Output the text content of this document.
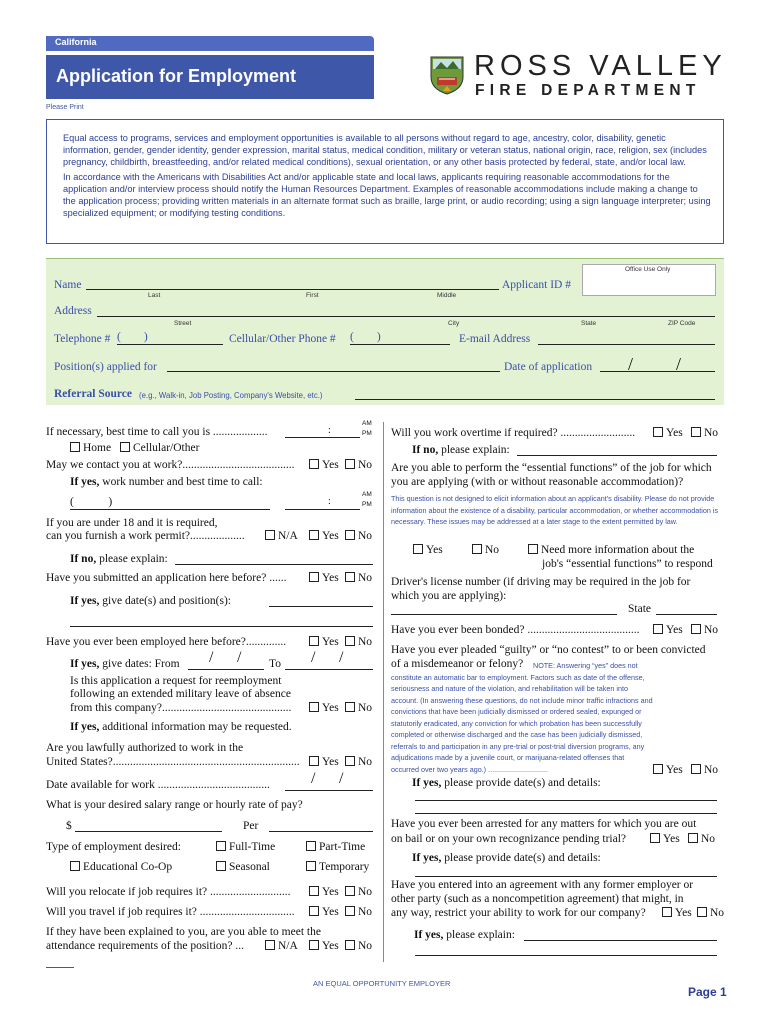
California
Application for Employment
Please Print
ROSS VALLEY
FIRE DEPARTMENT

Equal access to programs, services and employment opportunities is available to all persons without regard to age, ancestry, color, disability, genetic information, gender, gender identity, gender expression, marital status, medical condition, military or veteran status, national origin, race, religion, sex (includes pregnancy, childbirth, breastfeeding, and/or related medical conditions), sexual orientation, or any other basis protected by federal, state, and/or local law.

In accordance with the Americans with Disabilities Act and/or applicable state and local laws, applicants requiring reasonable accommodations for the application and/or interview process should notify the Human Resources Department. Examples of reasonable accommodations include making a change to the application process; providing written materials in an alternate format such as braille, large print, or audio recording; using a sign language interpreter; using specialized equipment; or modifying testing conditions.

Office Use Only
Name	Applicant ID #
Last	First	Middle
Address
Street	City	State	ZIP Code
Telephone # (        )	Cellular/Other Phone # (        )	E-mail Address
Position(s) applied for	Date of application / /
Referral Source (e.g., Walk-in, Job Posting, Company's Website, etc.)
If necessary, best time to call you is ...................	:
AM
PM
Home	Cellular/Other
May we contact you at work?.......................................	Yes	No
If yes, work number and best time to call:
(            )	:
AM
PM
If you are under 18 and it is required,
can you furnish a work permit?...................	N/A	Yes	No
If no, please explain:
Have you submitted an application here before? ......	Yes	No
If yes, give date(s) and position(s):
Have you ever been employed here before?..............	Yes	No
If yes, give dates: From / / To / /
Is this application a request for reemployment
following an extended military leave of absence
from this company?.............................................	Yes	No
If yes, additional information may be requested.
Are you lawfully authorized to work in the
United States?.................................................................	Yes	No
Date available for work .......................................	/ /
What is your desired salary range or hourly rate of pay?
$	Per
Type of employment desired:	Full-Time	Part-Time
Educational Co-Op	Seasonal	Temporary
Will you relocate if job requires it? ............................	Yes	No
Will you travel if job requires it? .................................	Yes	No
If they have been explained to you, are you able to meet the
attendance requirements of the position? ...	N/A	Yes	No
Will you work overtime if required? ..........................	Yes	No
If no, please explain:
Are you able to perform the “essential functions” of the job for which
you are applying (with or without reasonable accommodation)?
This question is not designed to elicit information about an applicant's disability. Please do not provide information about the existence of a disability, particular accommodation, or whether accommodation is necessary. These issues may be addressed at a later stage to the extent permitted by law.
Yes	No	Need more information about the
job's “essential functions” to respond
Driver's license number (if driving may be required in the job for
which you are applying):
State
Have you ever been bonded? .......................................	Yes	No
Have you ever pleaded “guilty” or “no contest” to or been convicted
of a misdemeanor or felony?	NOTE: Answering “yes” does not constitute an automatic bar to employment. Factors such as date of the offense, seriousness and nature of the violation, and rehabilitation will be taken into account. (In answering these questions, do not include minor traffic infractions and convictions that have been judicially dismissed or ordered sealed, expunged or statutorily eradicated, any conviction for which probation has been successfully completed or otherwise discharged and the case has been judicially dismissed, referrals to and participation in any pre-trial or post-trial diversion programs, any adjudications made by a juvenile court, or marijuana-related offenses that occurred over two years ago.) ..............................	Yes	No
If yes, please provide date(s) and details:
Have you ever been arrested for any matters for which you are out
on bail or on your own recognizance pending trial?	Yes	No
If yes, please provide date(s) and details:
Have you entered into an agreement with any former employer or
other party (such as a noncompetition agreement) that might, in
any way, restrict your ability to work for our company?	Yes	No
If yes, please explain:
AN EQUAL OPPORTUNITY EMPLOYER
Page 1
